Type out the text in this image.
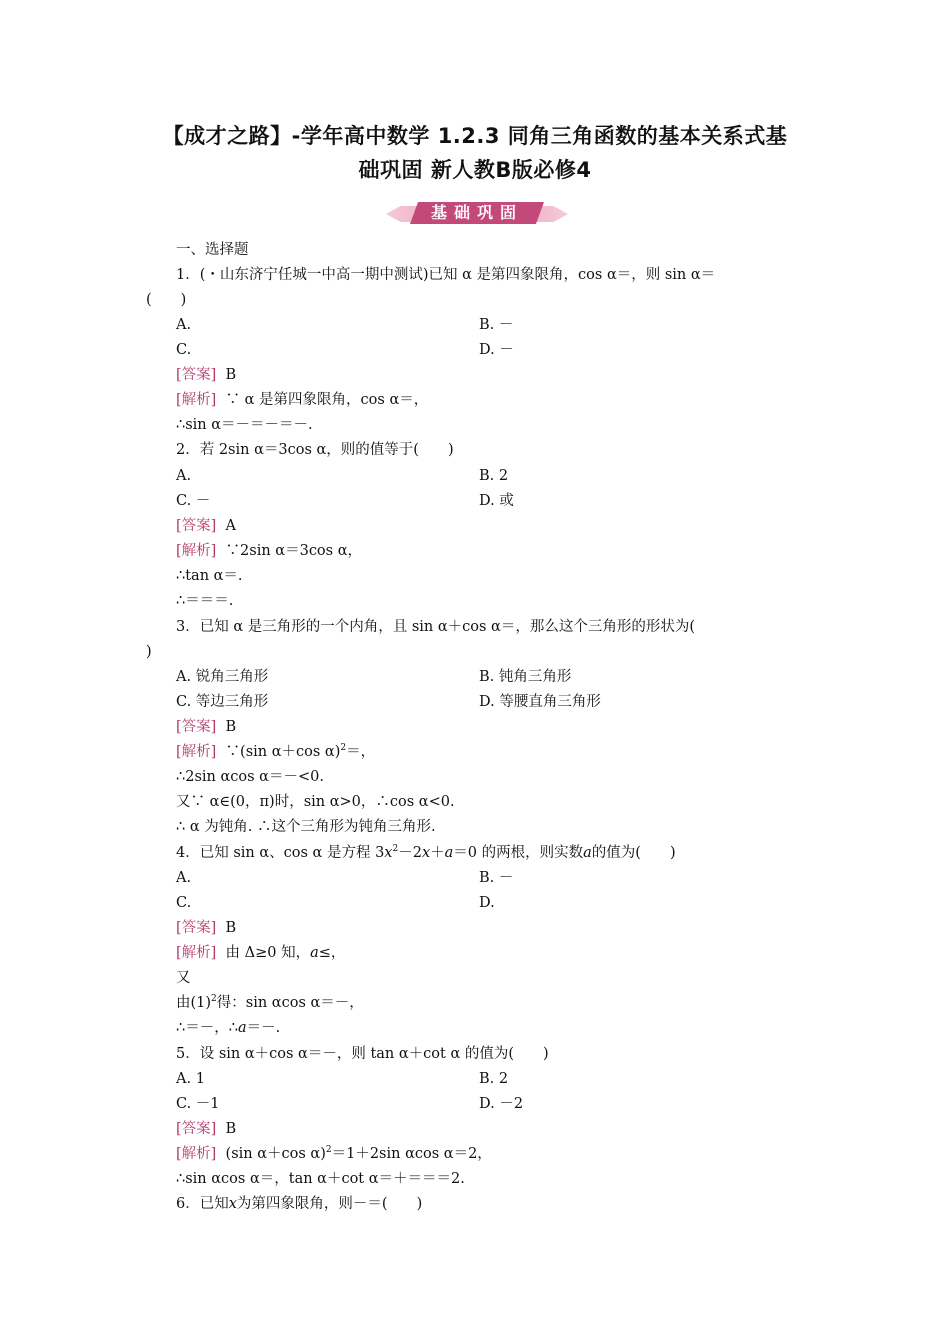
【成才之路】-学年高中数学 1.2.3 同角三角函数的基本关系式基
础巩固 新人教B版必修4
基础巩固
一、选择题
1．(・山东济宁任城一中高一期中测试)已知 α 是第四象限角，cos α＝，则 sin α＝
(　　)
A.	B. －
C.	D. －
[答案] B
[解析] ∵ α 是第四象限角，cos α＝，
∴sin α＝－＝－＝－.
2．若 2sin α＝3cos α，则的值等于(　　)
A.	B. 2
C. －	D. 或
[答案] A
[解析] ∵2sin α＝3cos α，
∴tan α＝.
∴＝＝＝.
3．已知 α 是三角形的一个内角，且 sin α＋cos α＝，那么这个三角形的形状为(
)
A. 锐角三角形	B. 钝角三角形
C. 等边三角形	D. 等腰直角三角形
[答案] B
[解析] ∵(sin α＋cos α)$^2$＝，
∴2sin αcos α＝－<0.
又∵ α∈(0，π)时，sin α>0，∴cos α<0.
∴ α 为钝角. ∴这个三角形为钝角三角形.
4．已知 sin α、cos α 是方程 $3x^2-2x+a=0$ 的两根，则实数a的值为(　　)
A.	B. －
C.	D.
[答案] B
[解析] 由 Δ≥0 知，a≤，
又
由$(1)^2$得：sin αcos α＝－，
∴＝－，∴a＝－.
5．设 sin α＋cos α＝－，则 tan α＋cot α 的值为(　　)
A. 1	B. 2
C. －1	D. －2
[答案] B
[解析] (sin α＋cos α)$^2$＝1＋2sin αcos α＝2，
∴sin αcos α＝，tan α＋cot α＝＋＝＝＝2.
6．已知x为第四象限角，则－＝(　　)
